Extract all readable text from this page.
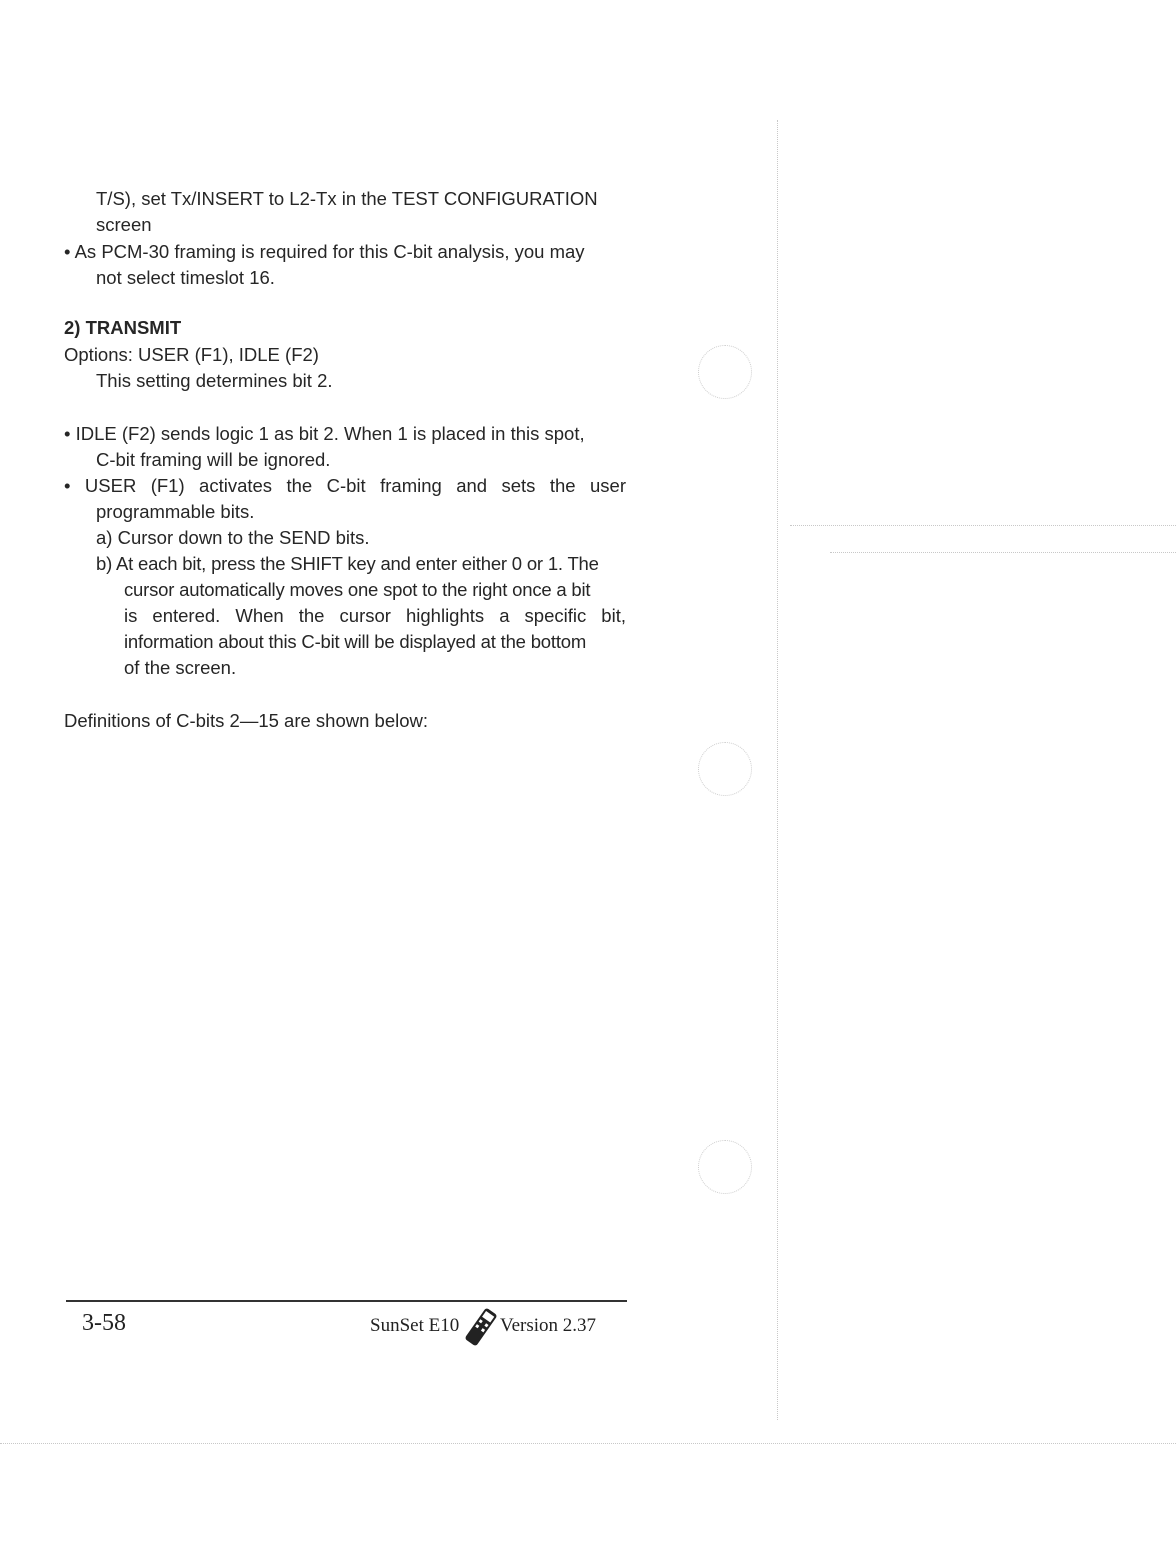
T/S), set Tx/INSERT to L2-Tx in the TEST CONFIGURATION
screen
• As PCM-30 framing is required for this C-bit analysis, you may
not select timeslot 16.
2) TRANSMIT
Options: USER (F1), IDLE (F2)
This setting determines bit 2.
• IDLE (F2) sends logic 1 as bit 2. When 1 is placed in this spot,
C-bit framing will be ignored.
• USER (F1) activates the C-bit framing and sets the user
programmable bits.
a) Cursor down to the SEND bits.
b) At each bit, press the SHIFT key and enter either 0 or 1. The
cursor automatically moves one spot to the right once a bit
is entered. When the cursor highlights a specific bit,
information about this C-bit will be displayed at the bottom
of the screen.
Definitions of C-bits 2—15 are shown below:
3-58	SunSet E10 Version 2.37
